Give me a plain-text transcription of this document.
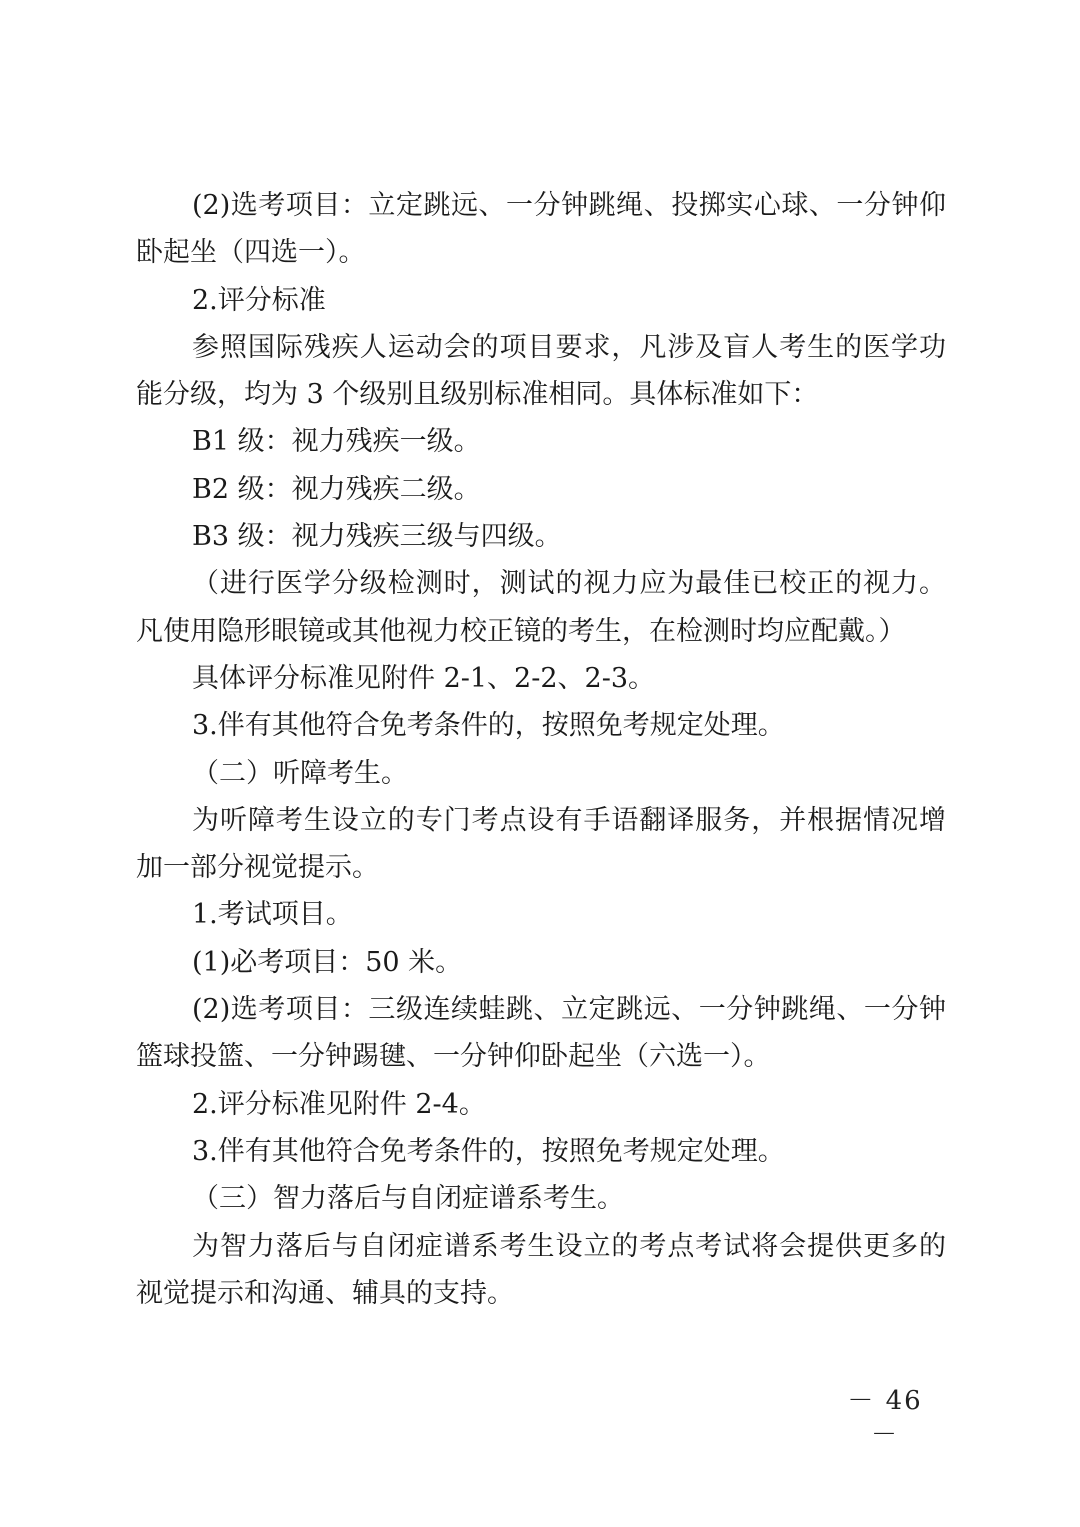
(2)选考项目：立定跳远、一分钟跳绳、投掷实心球、一分钟仰卧起坐（四选一）。

2.评分标准

参照国际残疾人运动会的项目要求，凡涉及盲人考生的医学功能分级，均为 3 个级别且级别标准相同。具体标准如下：

B1 级：视力残疾一级。

B2 级：视力残疾二级。

B3 级：视力残疾三级与四级。

（进行医学分级检测时，测试的视力应为最佳已校正的视力。凡使用隐形眼镜或其他视力校正镜的考生，在检测时均应配戴。）

具体评分标准见附件 2-1、2-2、2-3。

3.伴有其他符合免考条件的，按照免考规定处理。

（二）听障考生。

为听障考生设立的专门考点设有手语翻译服务，并根据情况增加一部分视觉提示。

1.考试项目。

(1)必考项目：50 米。

(2)选考项目：三级连续蛙跳、立定跳远、一分钟跳绳、一分钟篮球投篮、一分钟踢毽、一分钟仰卧起坐（六选一）。

2.评分标准见附件 2-4。

3.伴有其他符合免考条件的，按照免考规定处理。

（三）智力落后与自闭症谱系考生。

为智力落后与自闭症谱系考生设立的考点考试将会提供更多的视觉提示和沟通、辅具的支持。

－ 46 －
